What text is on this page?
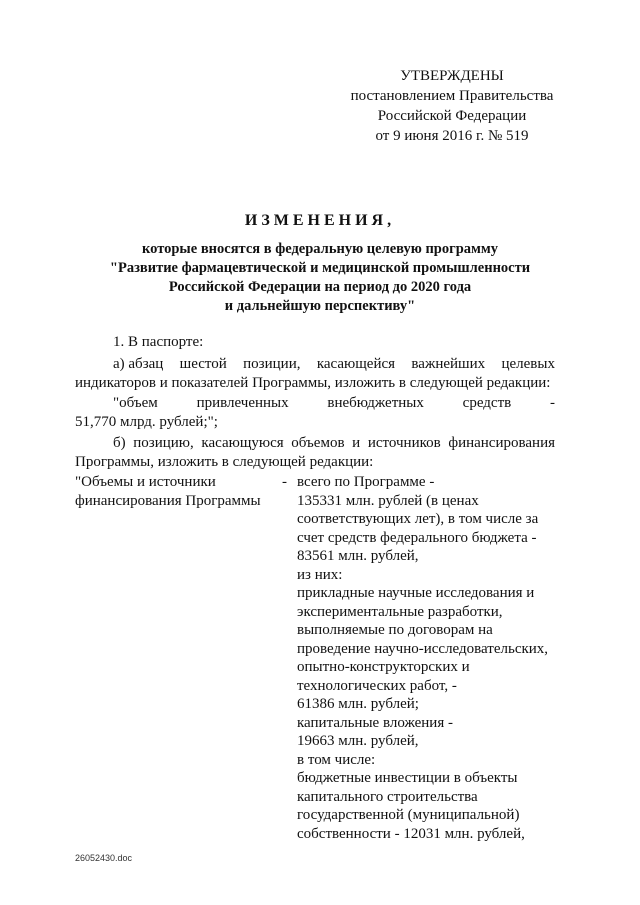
УТВЕРЖДЕНЫ
постановлением Правительства
Российской Федерации
от 9 июня 2016 г. № 519
ИЗМЕНЕНИЯ,
которые вносятся в федеральную целевую программу
"Развитие фармацевтической и медицинской промышленности
Российской Федерации на период до 2020 года
и дальнейшую перспективу"
1. В паспорте:
а) абзац шестой позиции, касающейся важнейших целевых
индикаторов и показателей Программы, изложить в следующей редакции:
"объем	привлеченных	внебюджетных	средств	-
51,770 млрд. рублей;";
б) позицию, касающуюся объемов и источников финансирования
Программы, изложить в следующей редакции:
"Объемы и источники
финансирования Программы
- всего по Программе -
135331 млн. рублей (в ценах
соответствующих лет), в том числе за
счет средств федерального бюджета -
83561 млн. рублей,
из них:
прикладные научные исследования и
экспериментальные разработки,
выполняемые по договорам на
проведение научно-исследовательских,
опытно-конструкторских и
технологических работ, -
61386 млн. рублей;
капитальные вложения -
19663 млн. рублей,
в том числе:
бюджетные инвестиции в объекты
капитального строительства
государственной (муниципальной)
собственности - 12031 млн. рублей,
26052430.doc
